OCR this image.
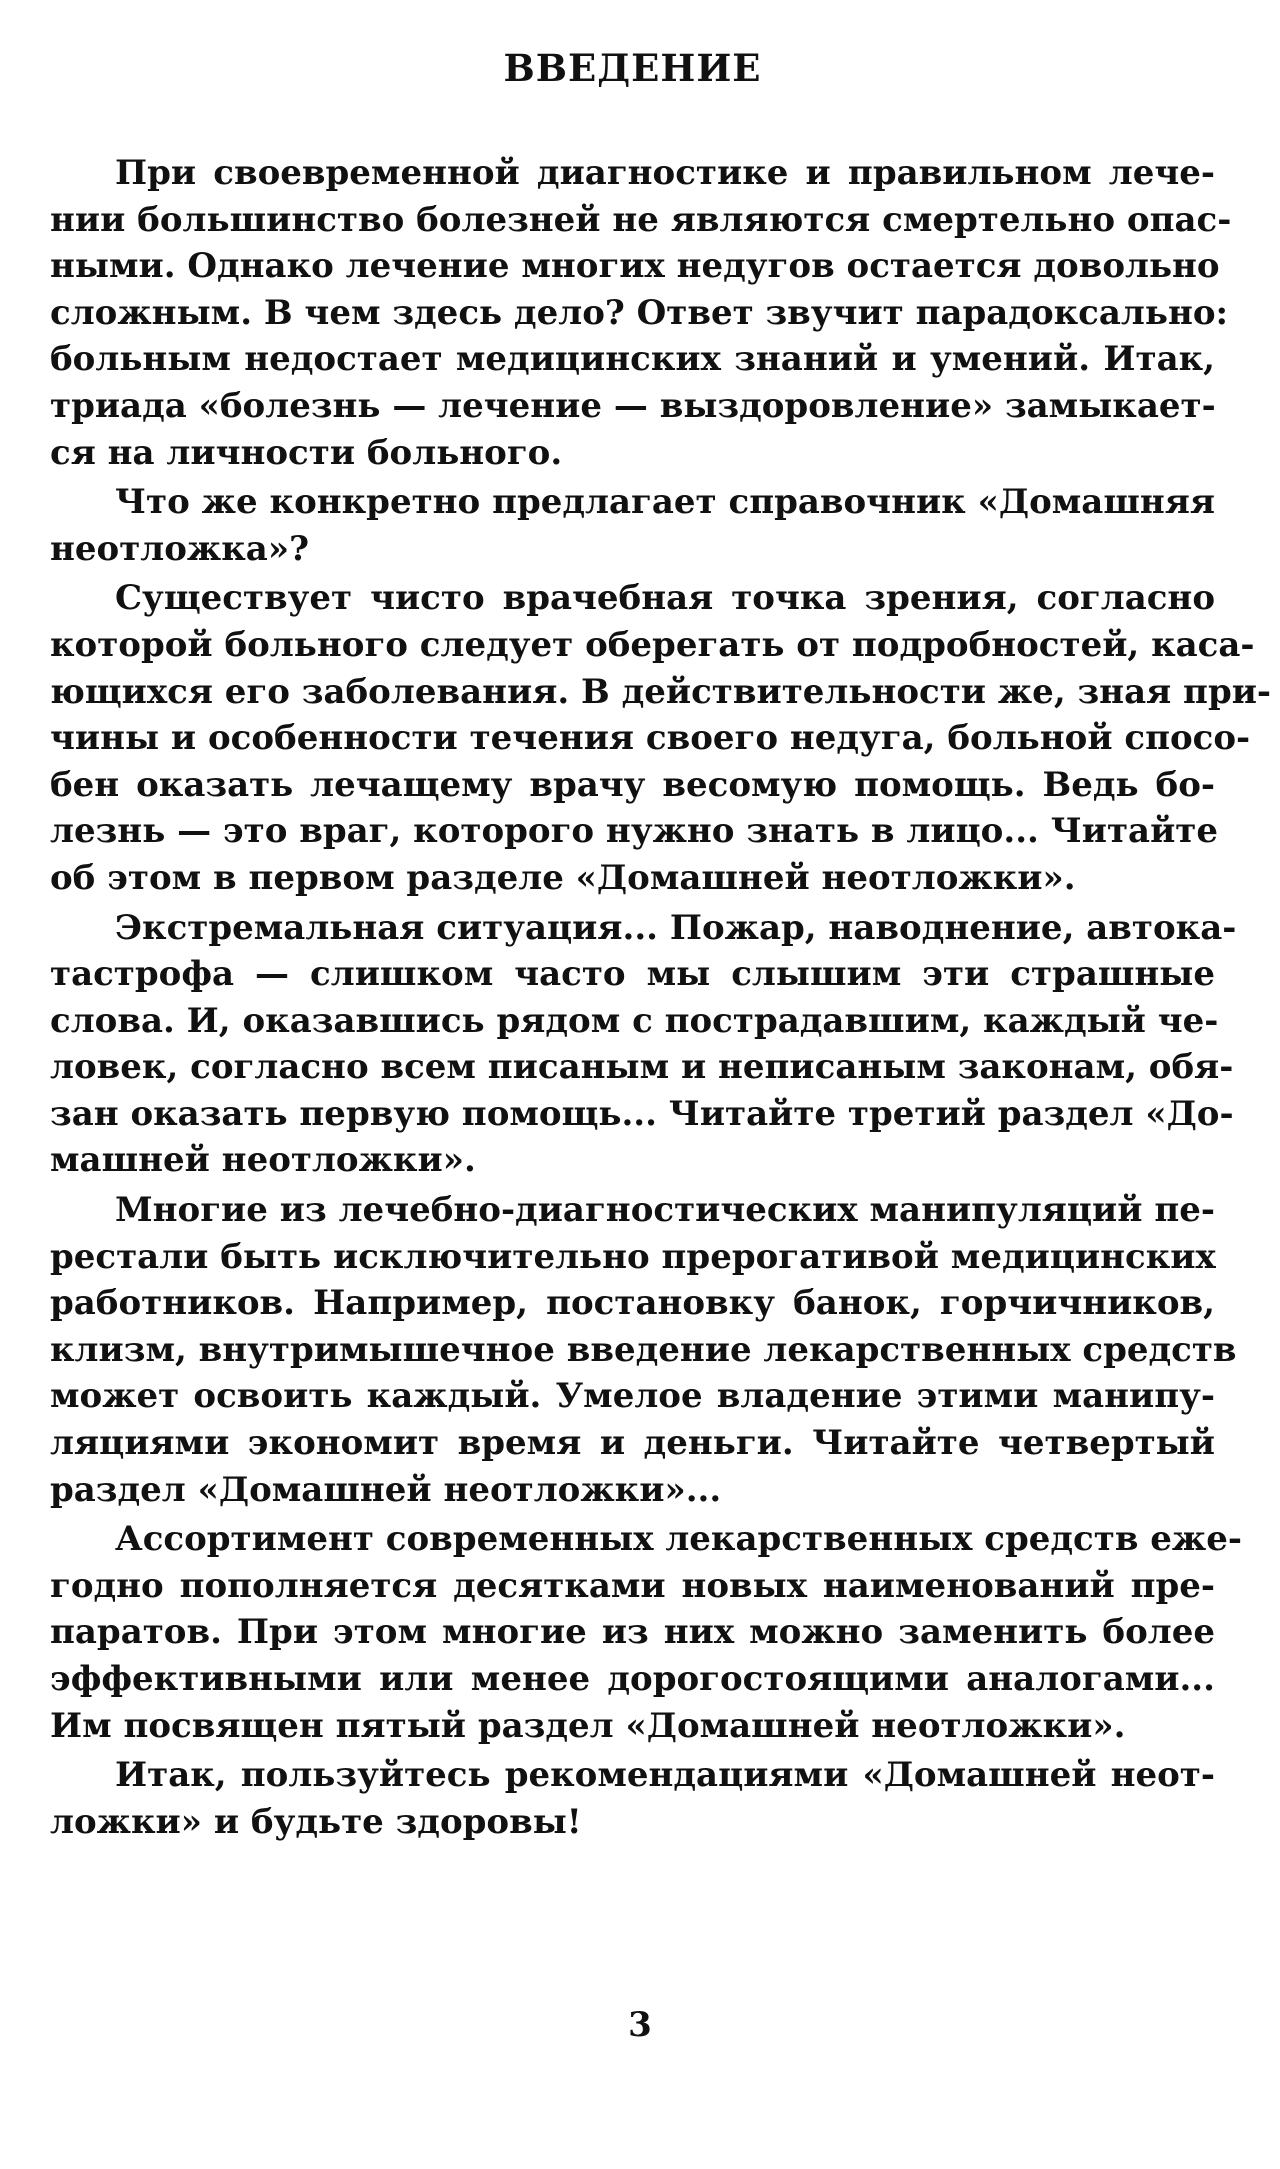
ВВЕДЕНИЕ
При своевременной диагностике и правильном лече-
нии большинство болезней не являются смертельно опас-
ными. Однако лечение многих недугов остается довольно
сложным. В чем здесь дело? Ответ звучит парадоксально:
больным недостает медицинских знаний и умений. Итак,
триада «болезнь — лечение — выздоровление» замыкает-
ся на личности больного.
Что же конкретно предлагает справочник «Домашняя
неотложка»?
Существует чисто врачебная точка зрения, согласно
которой больного следует оберегать от подробностей, каса-
ющихся его заболевания. В действительности же, зная при-
чины и особенности течения своего недуга, больной спосо-
бен оказать лечащему врачу весомую помощь. Ведь бо-
лезнь — это враг, которого нужно знать в лицо... Читайте
об этом в первом разделе «Домашней неотложки».
Экстремальная ситуация... Пожар, наводнение, автока-
тастрофа — слишком часто мы слышим эти страшные
слова. И, оказавшись рядом с пострадавшим, каждый че-
ловек, согласно всем писаным и неписаным законам, обя-
зан оказать первую помощь... Читайте третий раздел «До-
машней неотложки».
Многие из лечебно-диагностических манипуляций пе-
рестали быть исключительно прерогативой медицинских
работников. Например, постановку банок, горчичников,
клизм, внутримышечное введение лекарственных средств
может освоить каждый. Умелое владение этими манипу-
ляциями экономит время и деньги. Читайте четвертый
раздел «Домашней неотложки»...
Ассортимент современных лекарственных средств еже-
годно пополняется десятками новых наименований пре-
паратов. При этом многие из них можно заменить более
эффективными или менее дорогостоящими аналогами...
Им посвящен пятый раздел «Домашней неотложки».
Итак, пользуйтесь рекомендациями «Домашней неот-
ложки» и будьте здоровы!
3
